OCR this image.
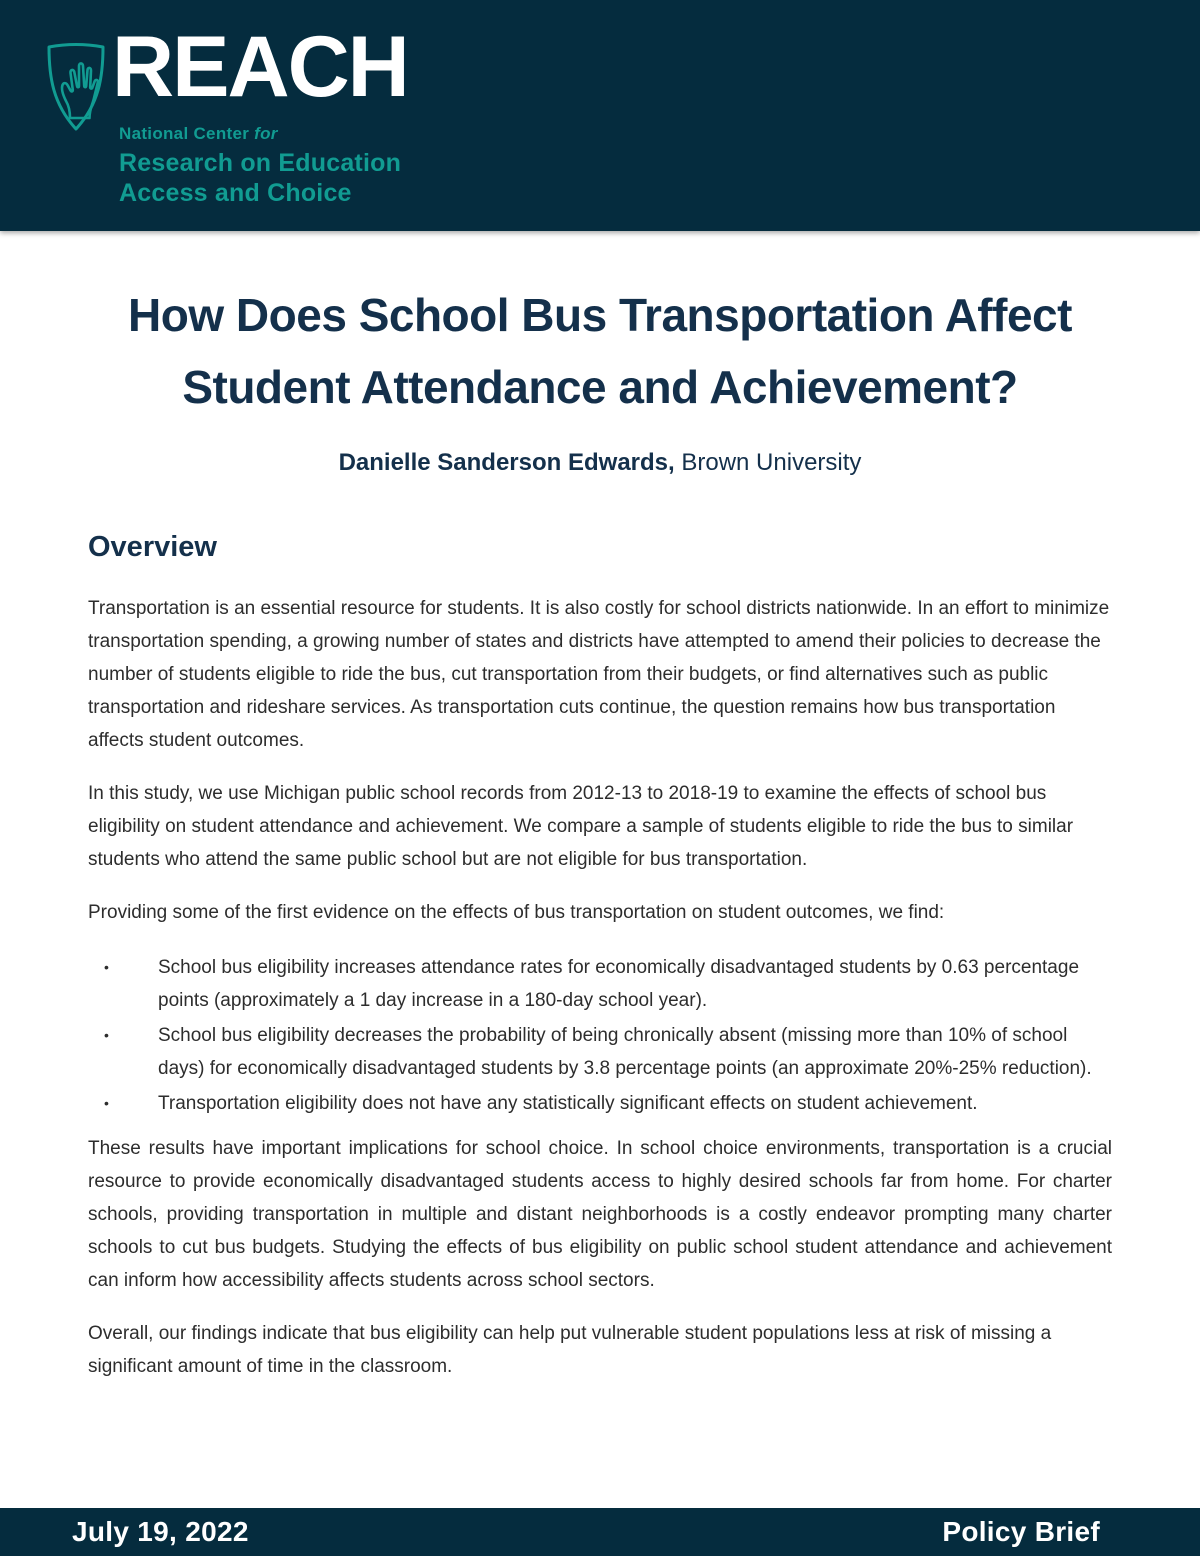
REACH
National Center for
Research on Education
Access and Choice
How Does School Bus Transportation Affect Student Attendance and Achievement?

Danielle Sanderson Edwards, Brown University

Overview

Transportation is an essential resource for students. It is also costly for school districts nationwide. In an effort to minimize transportation spending, a growing number of states and districts have attempted to amend their policies to decrease the number of students eligible to ride the bus, cut transportation from their budgets, or find alternatives such as public transportation and rideshare services. As transportation cuts continue, the question remains how bus transportation affects student outcomes.

In this study, we use Michigan public school records from 2012-13 to 2018-19 to examine the effects of school bus eligibility on student attendance and achievement. We compare a sample of students eligible to ride the bus to similar students who attend the same public school but are not eligible for bus transportation.

Providing some of the first evidence on the effects of bus transportation on student outcomes, we find:

•	School bus eligibility increases attendance rates for economically disadvantaged students by 0.63 percentage points (approximately a 1 day increase in a 180-day school year).
•	School bus eligibility decreases the probability of being chronically absent (missing more than 10% of school days) for economically disadvantaged students by 3.8 percentage points (an approximate 20%-25% reduction).
•	Transportation eligibility does not have any statistically significant effects on student achievement.

These results have important implications for school choice. In school choice environments, transportation is a crucial resource to provide economically disadvantaged students access to highly desired schools far from home. For charter schools, providing transportation in multiple and distant neighborhoods is a costly endeavor prompting many charter schools to cut bus budgets. Studying the effects of bus eligibility on public school student attendance and achievement can inform how accessibility affects students across school sectors.

Overall, our findings indicate that bus eligibility can help put vulnerable student populations less at risk of missing a significant amount of time in the classroom.

July 19, 2022	Policy Brief
